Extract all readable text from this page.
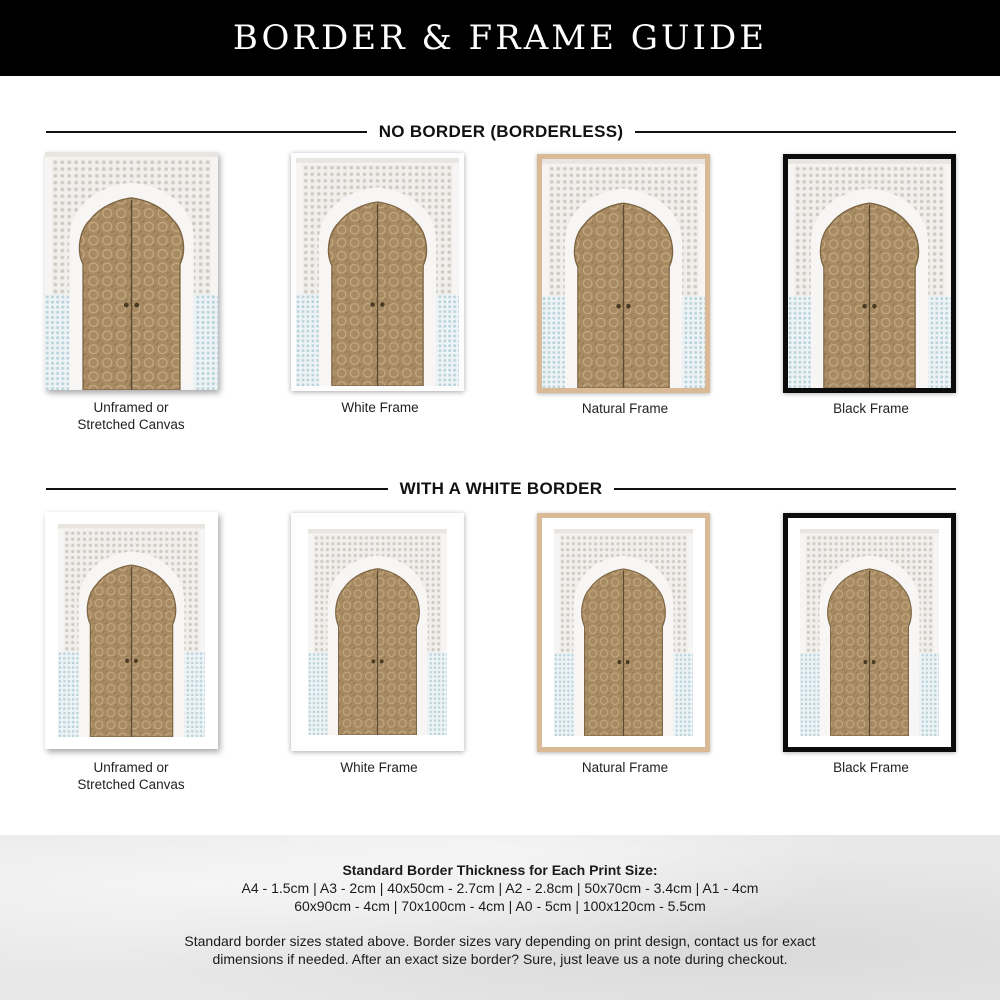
BORDER & FRAME GUIDE
NO BORDER (BORDERLESS)
WITH A WHITE BORDER
Unframed or
Stretched Canvas
White Frame	Natural Frame	Black Frame
Unframed or
Stretched Canvas
White Frame	Natural Frame	Black Frame
Standard Border Thickness for Each Print Size:
A4 - 1.5cm | A3 - 2cm | 40x50cm - 2.7cm | A2 - 2.8cm | 50x70cm - 3.4cm | A1 - 4cm
60x90cm - 4cm | 70x100cm - 4cm | A0 - 5cm | 100x120cm - 5.5cm
Standard border sizes stated above. Border sizes vary depending on print design, contact us for exact
dimensions if needed. After an exact size border? Sure, just leave us a note during checkout.
